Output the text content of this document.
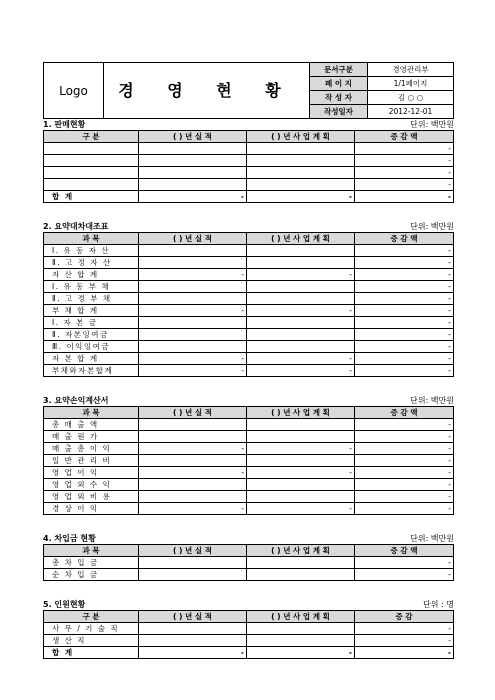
Logo	경 영 현 황	문서구분	경영관리부
		페 이 지	1/1페이지
		작 성 자	김 ○ ○
		작성일자	2012-12-01
1. 판매현황	단위: 백만원
구 분	( ) 년 실 적	( ) 년 사 업 계 획	증 감 액
			-
			-
			-
			-
합 계	-	-	-
2. 요약대차대조표	단위: 백만원
과 목	( ) 년 실 적	( ) 년 사 업 계 획	증 감 액
Ⅰ. 유 동 자 산			-
Ⅱ. 고 정 자 산			-
자 산 합 계	-	-	-
Ⅰ. 유 동 부 채			-
Ⅱ. 고 정 부 채			-
부 채 합 계	-	-	-
Ⅰ. 자 본 금			-
Ⅱ. 자본잉여금			-
Ⅲ. 이익잉여금			-
자 본 합 계	-	-	-
부채와자본합계	-	-	-
3. 요약손익계산서	단위: 백만원
과 목	( ) 년 실 적	( ) 년 사 업 계 획	증 감 액
총 매 출 액			-
매 출 원 가			-
매 출 총 이 익	-	-	-
일 반 관 리 비			-
영 업 이 익	-	-	-
영 업 외 수 익			-
영 업 외 비 용			-
경 상 이 익	-	-	-
4. 차입금 현황	단위: 백만원
과 목	( ) 년 실 적	( ) 년 사 업 계 획	증 감 액
총 차 입 금			-
순 차 입 금			-
5. 인원현황	단위 : 명
구 분	( ) 년 실 적	( ) 년 사 업 계 획	증 감
사 무 / 기 술 직			-
생 산 직			-
합 계	-	-	-
